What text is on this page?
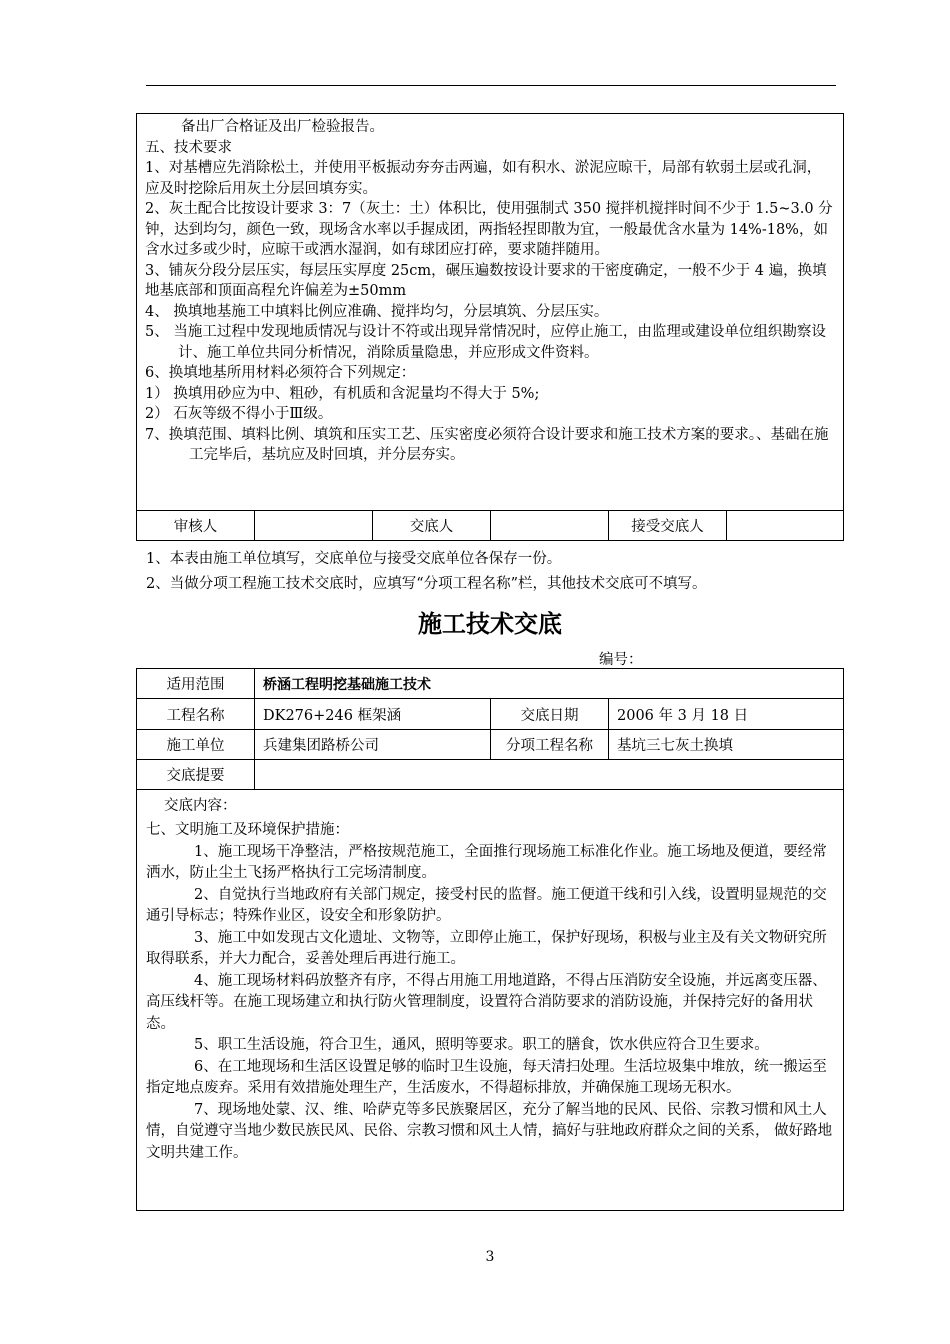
备出厂合格证及出厂检验报告。

五、技术要求

1、对基槽应先消除松土，并使用平板振动夯夯击两遍，如有积水、淤泥应晾干，局部有软弱土层或孔洞，应及时挖除后用灰土分层回填夯实。

2、灰土配合比按设计要求 3：7（灰土：土）体积比，使用强制式 350 搅拌机搅拌时间不少于 1.5~3.0 分钟，达到均匀，颜色一致，现场含水率以手握成团，两指轻捏即散为宜，一般最优含水量为 14%-18%，如含水过多或少时，应晾干或洒水湿润，如有球团应打碎，要求随拌随用。

3、铺灰分段分层压实，每层压实厚度 25cm，碾压遍数按设计要求的干密度确定，一般不少于 4 遍，换填地基底部和顶面高程允许偏差为±50mm

4、 换填地基施工中填料比例应准确、搅拌均匀，分层填筑、分层压实。

5、 当施工过程中发现地质情况与设计不符或出现异常情况时，应停止施工，由监理或建设单位组织勘察设计、施工单位共同分析情况，消除质量隐患，并应形成文件资料。

6、换填地基所用材料必须符合下列规定：

1） 换填用砂应为中、粗砂，有机质和含泥量均不得大于 5%;

2） 石灰等级不得小于Ⅲ级。

7、换填范围、填料比例、填筑和压实工艺、压实密度必须符合设计要求和施工技术方案的要求。、基础在施工完毕后，基坑应及时回填，并分层夯实。

审核人	交底人	接受交底人
1、本表由施工单位填写，交底单位与接受交底单位各保存一份。
2、当做分项工程施工技术交底时，应填写“分项工程名称”栏，其他技术交底可不填写。
施工技术交底
编号：
适用范围	桥涵工程明挖基础施工技术
工程名称	DK276+246 框架涵	交底日期	2006 年 3 月 18 日
施工单位	兵建集团路桥公司	分项工程名称	基坑三七灰土换填
交底提要
交底内容：

七、文明施工及环境保护措施：

1、施工现场干净整洁，严格按规范施工，全面推行现场施工标准化作业。施工场地及便道，要经常洒水，防止尘土飞扬严格执行工完场清制度。

2、自觉执行当地政府有关部门规定，接受村民的监督。施工便道干线和引入线，设置明显规范的交通引导标志；特殊作业区，设安全和形象防护。

3、施工中如发现古文化遗址、文物等，立即停止施工，保护好现场，积极与业主及有关文物研究所取得联系，并大力配合，妥善处理后再进行施工。

4、施工现场材料码放整齐有序，不得占用施工用地道路，不得占压消防安全设施，并远离变压器、高压线杆等。在施工现场建立和执行防火管理制度，设置符合消防要求的消防设施，并保持完好的备用状态。

5、职工生活设施，符合卫生，通风，照明等要求。职工的膳食，饮水供应符合卫生要求。

6、在工地现场和生活区设置足够的临时卫生设施，每天清扫处理。生活垃圾集中堆放，统一搬运至指定地点废弃。采用有效措施处理生产，生活废水，不得超标排放，并确保施工现场无积水。

7、现场地处蒙、汉、维、哈萨克等多民族聚居区，充分了解当地的民风、民俗、宗教习惯和风土人情，自觉遵守当地少数民族民风、民俗、宗教习惯和风土人情，搞好与驻地政府群众之间的关系， 做好路地文明共建工作。

3
